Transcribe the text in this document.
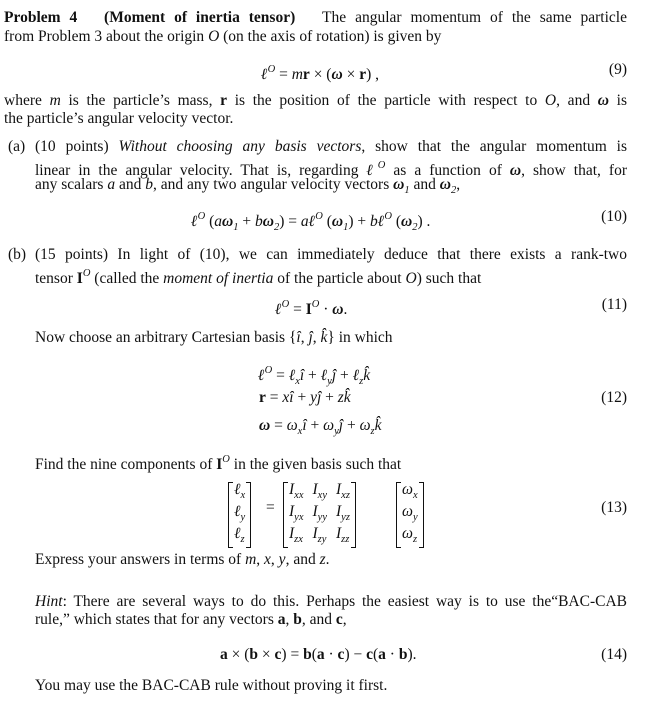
Problem 4 (Moment of inertia tensor)   The angular momentum of the same particle
from Problem 3 about the origin O (on the axis of rotation) is given by
ℓ$^O$ = mr × (ω × r) ,	(9)
where m is the particle’s mass, r is the position of the particle with respect to O, and ω is
the particle’s angular velocity vector.
(a) (10 points) Without choosing any basis vectors, show that the angular momentum is
linear in the angular velocity. That is, regarding ℓ$^O$ as a function of ω, show that, for
any scalars a and b, and any two angular velocity vectors $\omega_1$ and $\omega_2$,
ℓ$^O$ $(a\omega_1 + b\omega_2)$ = aℓ$^O$ $(\omega_1)$ + bℓ$^O$ $(\omega_2)$ .	(10)
(b) (15 points) In light of (10), we can immediately deduce that there exists a rank-two
tensor $I^O$ (called the moment of inertia of the particle about O) such that
ℓ$^O$ = $I^O \cdot \omega$.	(11)
Now choose an arbitrary Cartesian basis {î, ĵ, k̂} in which
ℓ$^O$ = ℓ$_x$î + ℓ$_y$ĵ + ℓ$_z$k̂
r = xî + yĵ + zk̂
$\omega = \omega_xî$ + $\omega_yĵ$ + $\omega_zk̂$
(12)
Find the nine components of $I^O$ in the given basis such that
ℓ$_x$
ℓ$_y$
ℓ$_z$
=
$I_{xx}$ $I_{xy}$ $I_{xz}$
$I_{yx}$ $I_{yy}$ $I_{yz}$
$I_{zx}$ $I_{zy}$ $I_{zz}$
$\omega_x$
$\omega_y$
$\omega_z$
(13)
Express your answers in terms of m, x, y, and z.
Hint: There are several ways to do this. Perhaps the easiest way is to use the“BAC-CAB
rule,” which states that for any vectors a, b, and c,
a × (b × c) = b(a · c) − c(a · b).	(14)
You may use the BAC-CAB rule without proving it first.
